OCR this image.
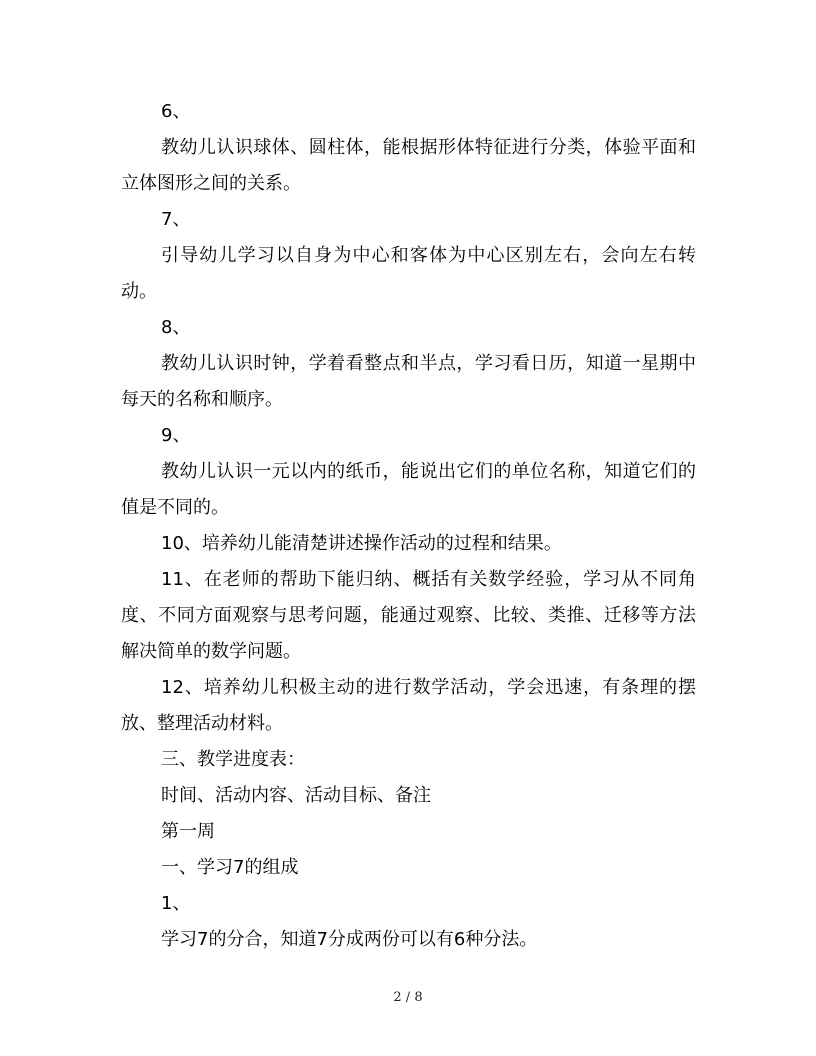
6、

教幼儿认识球体、圆柱体，能根据形体特征进行分类，体验平面和立体图形之间的关系。

7、

引导幼儿学习以自身为中心和客体为中心区别左右，会向左右转动。

8、

教幼儿认识时钟，学着看整点和半点，学习看日历，知道一星期中每天的名称和顺序。

9、

教幼儿认识一元以内的纸币，能说出它们的单位名称，知道它们的值是不同的。

10、培养幼儿能清楚讲述操作活动的过程和结果。

11、在老师的帮助下能归纳、概括有关数学经验，学习从不同角度、不同方面观察与思考问题，能通过观察、比较、类推、迁移等方法解决简单的数学问题。

12、培养幼儿积极主动的进行数学活动，学会迅速，有条理的摆放、整理活动材料。

三、教学进度表：

时间、活动内容、活动目标、备注

第一周

一、学习7的组成

1、

学习7的分合，知道7分成两份可以有6种分法。

2 / 8
